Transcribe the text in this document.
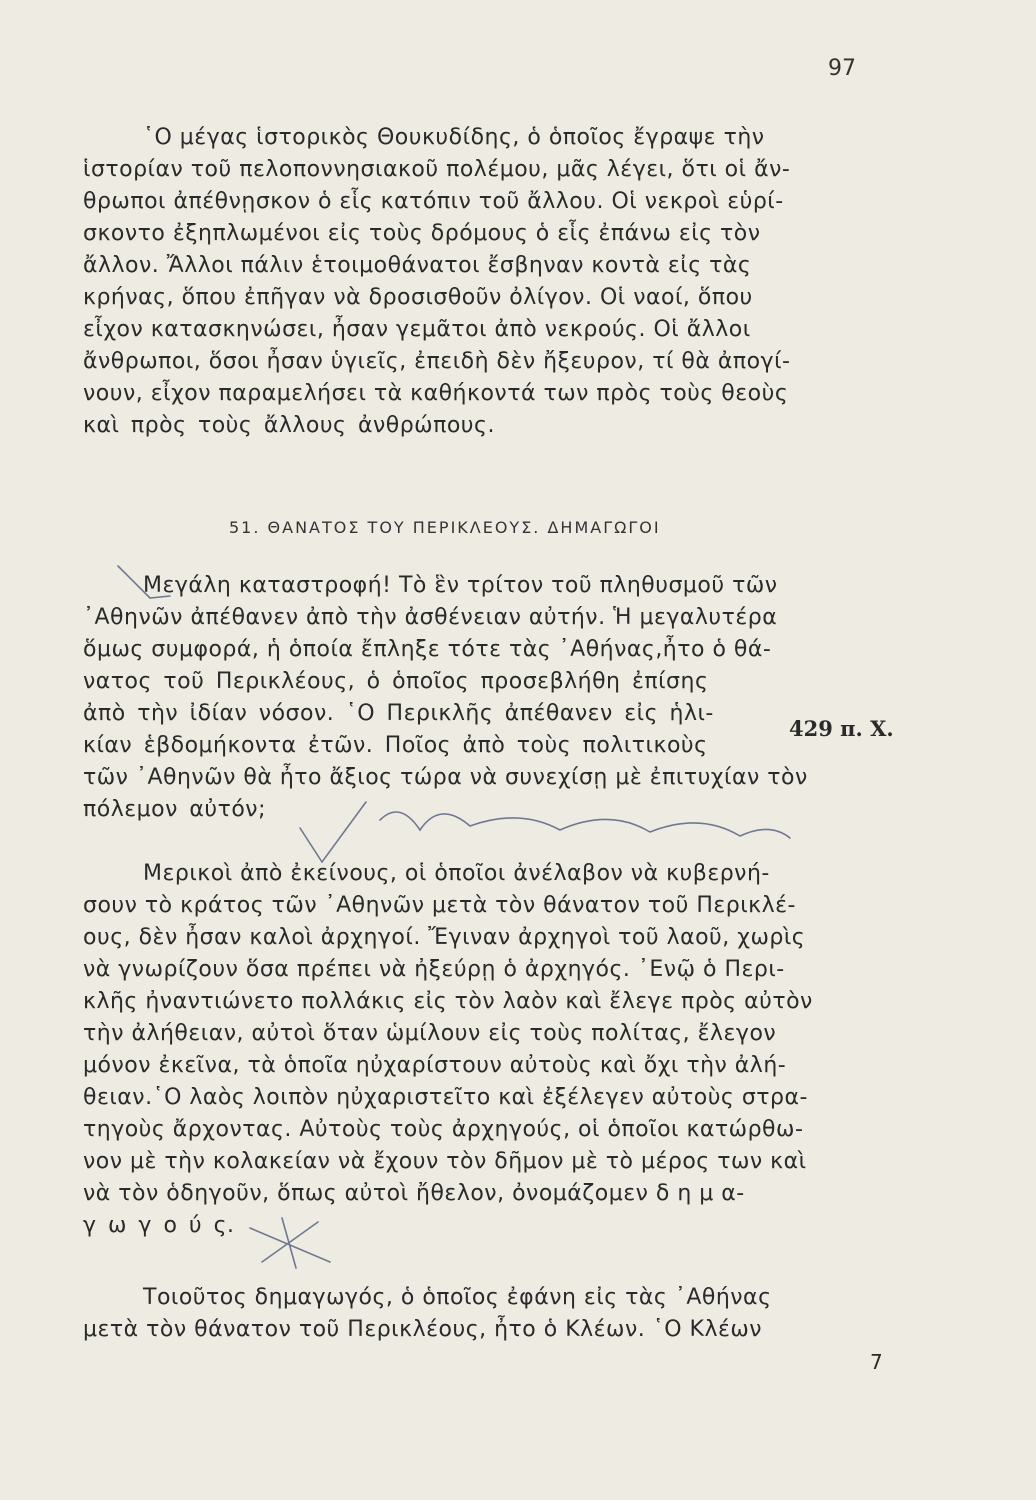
97
῾Ο μέγας ἱστορικὸς Θουκυδίδης, ὁ ὁποῖος ἔγραψε τὴν
ἱστορίαν τοῦ πελοποννησιακοῦ πολέμου, μᾶς λέγει, ὅτι οἱ ἄν-
θρωποι ἀπέθνῃσκον ὁ εἷς κατόπιν τοῦ ἄλλου. Οἱ νεκροὶ εὑρί-
σκοντο ἐξηπλωμένοι εἰς τοὺς δρόμους ὁ εἷς ἐπάνω εἰς τὸν
ἄλλον. Ἄλλοι πάλιν ἑτοιμοθάνατοι ἔσβηναν κοντὰ εἰς τὰς
κρήνας, ὅπου ἐπῆγαν νὰ δροσισθοῦν ὀλίγον. Οἱ ναοί, ὅπου
εἶχον κατασκηνώσει, ἦσαν γεμᾶτοι ἀπὸ νεκρούς. Οἱ ἄλλοι
ἄνθρωποι, ὅσοι ἦσαν ὑγιεῖς, ἐπειδὴ δὲν ἤξευρον, τί θὰ ἀπογί-
νουν, εἶχον παραμελήσει τὰ καθήκοντά των πρὸς τοὺς θεοὺς
καὶ πρὸς τοὺς ἄλλους ἀνθρώπους.
51. ΘΑΝΑΤΟΣ ΤΟΥ ΠΕΡΙΚΛΕΟΥΣ. ΔΗΜΑΓΩΓΟΙ
Μεγάλη καταστροφή! Τὸ ἓν τρίτον τοῦ πληθυσμοῦ τῶν
᾿Αθηνῶν ἀπέθανεν ἀπὸ τὴν ἀσθένειαν αὐτήν. Ἡ μεγαλυτέρα
ὅμως συμφορά, ἡ ὁποία ἔπληξε τότε τὰς ᾿Αθήνας,ἦτο ὁ θά-
νατος τοῦ Περικλέους, ὁ ὁποῖος προσεβλήθη ἐπίσης
ἀπὸ τὴν ἰδίαν νόσον. ῾Ο Περικλῆς ἀπέθανεν εἰς ἡλι-
κίαν ἑβδομήκοντα ἐτῶν. Ποῖος ἀπὸ τοὺς πολιτικοὺς
τῶν ᾿Αθηνῶν θὰ ἦτο ἄξιος τώρα νὰ συνεχίσῃ μὲ ἐπιτυχίαν τὸν
πόλεμον αὐτόν;
429 π. Χ.
Μερικοὶ ἀπὸ ἐκείνους, οἱ ὁποῖοι ἀνέλαβον νὰ κυβερνή-
σουν τὸ κράτος τῶν ᾿Αθηνῶν μετὰ τὸν θάνατον τοῦ Περικλέ-
ους, δὲν ἦσαν καλοὶ ἀρχηγοί. Ἔγιναν ἀρχηγοὶ τοῦ λαοῦ, χωρὶς
νὰ γνωρίζουν ὅσα πρέπει νὰ ἠξεύρῃ ὁ ἀρχηγός. ᾿Ενῷ ὁ Περι-
κλῆς ἠναντιώνετο πολλάκις εἰς τὸν λαὸν καὶ ἔλεγε πρὸς αὐτὸν
τὴν ἀλήθειαν, αὐτοὶ ὅταν ὡμίλουν εἰς τοὺς πολίτας, ἔλεγον
μόνον ἐκεῖνα, τὰ ὁποῖα ηὐχαρίστουν αὐτοὺς καὶ ὄχι τὴν ἀλή-
θειαν.῾Ο λαὸς λοιπὸν ηὐχαριστεῖτο καὶ ἐξέλεγεν αὐτοὺς στρα-
τηγοὺς ἄρχοντας. Αὐτοὺς τοὺς ἀρχηγούς, οἱ ὁποῖοι κατώρθω-
νον μὲ τὴν κολακείαν νὰ ἔχουν τὸν δῆμον μὲ τὸ μέρος των καὶ
νὰ τὸν ὁδηγοῦν, ὅπως αὐτοὶ ἤθελον, ὀνομάζομεν δ η μ α-
γ ω γ ο ύ ς.
Τοιοῦτος δημαγωγός, ὁ ὁποῖος ἐφάνη εἰς τὰς ᾿Αθήνας
μετὰ τὸν θάνατον τοῦ Περικλέους, ἦτο ὁ Κλέων. ῾Ο Κλέων
7
